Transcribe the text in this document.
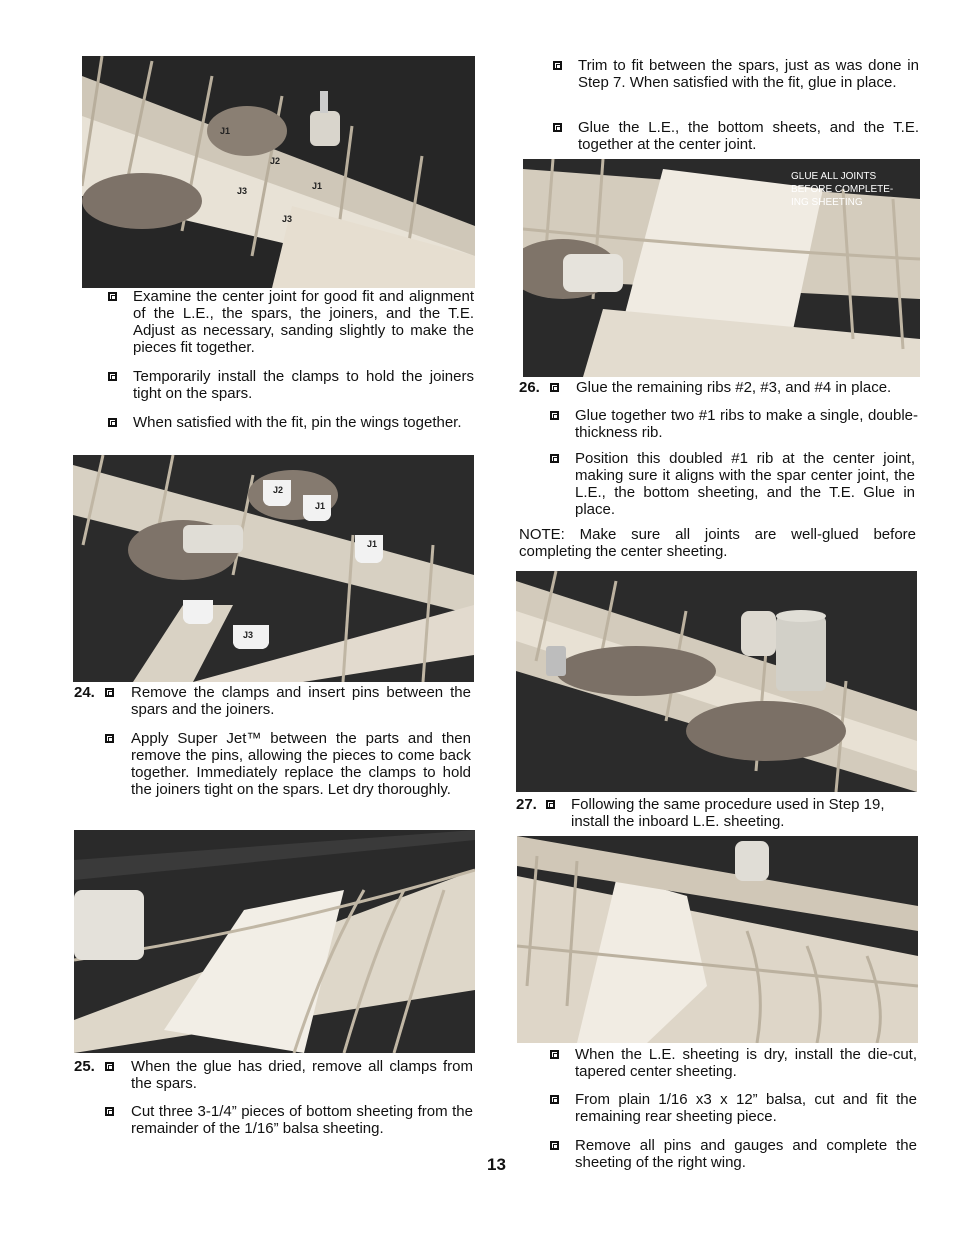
J1
J2
J1
J3
J3
Examine the center joint for good fit and alignment of the L.E., the spars, the joiners, and the T.E. Adjust as necessary, sanding slightly to make the pieces fit together.
Temporarily install the clamps to hold the joiners tight on the spars.
When satisfied with the fit, pin the wings together.
J2
J1
J1
J3
24. Remove the clamps and insert pins between the spars and the joiners.
Apply Super Jet™ between the parts and then remove the pins, allowing the pieces to come back together. Immediately replace the clamps to hold the joiners tight on the spars. Let dry thoroughly.
25. When the glue has dried, remove all clamps from the spars.
Cut three 3-1/4” pieces of bottom sheeting from the remainder of the 1/16” balsa sheeting.
Trim to fit between the spars, just as was done in Step 7. When satisfied with the fit, glue in place.
Glue the L.E., the bottom sheets, and the T.E. together at the center joint.
GLUE ALL JOINTS
BEFORE COMPLETE-
ING SHEETING
26. Glue the remaining ribs #2, #3, and #4 in place.
Glue together two #1 ribs to make a single, double-thickness rib.
Position this doubled #1 rib at the center joint, making sure it aligns with the spar center joint, the L.E., the bottom sheeting, and the T.E. Glue in place.
NOTE: Make sure all joints are well-glued before completing the center sheeting.
27. Following the same procedure used in Step 19, install the inboard L.E. sheeting.
When the L.E. sheeting is dry, install the die-cut, tapered center sheeting.
From plain 1/16 x3 x 12” balsa, cut and fit the remaining rear sheeting piece.
Remove all pins and gauges and complete the sheeting of the right wing.
13
